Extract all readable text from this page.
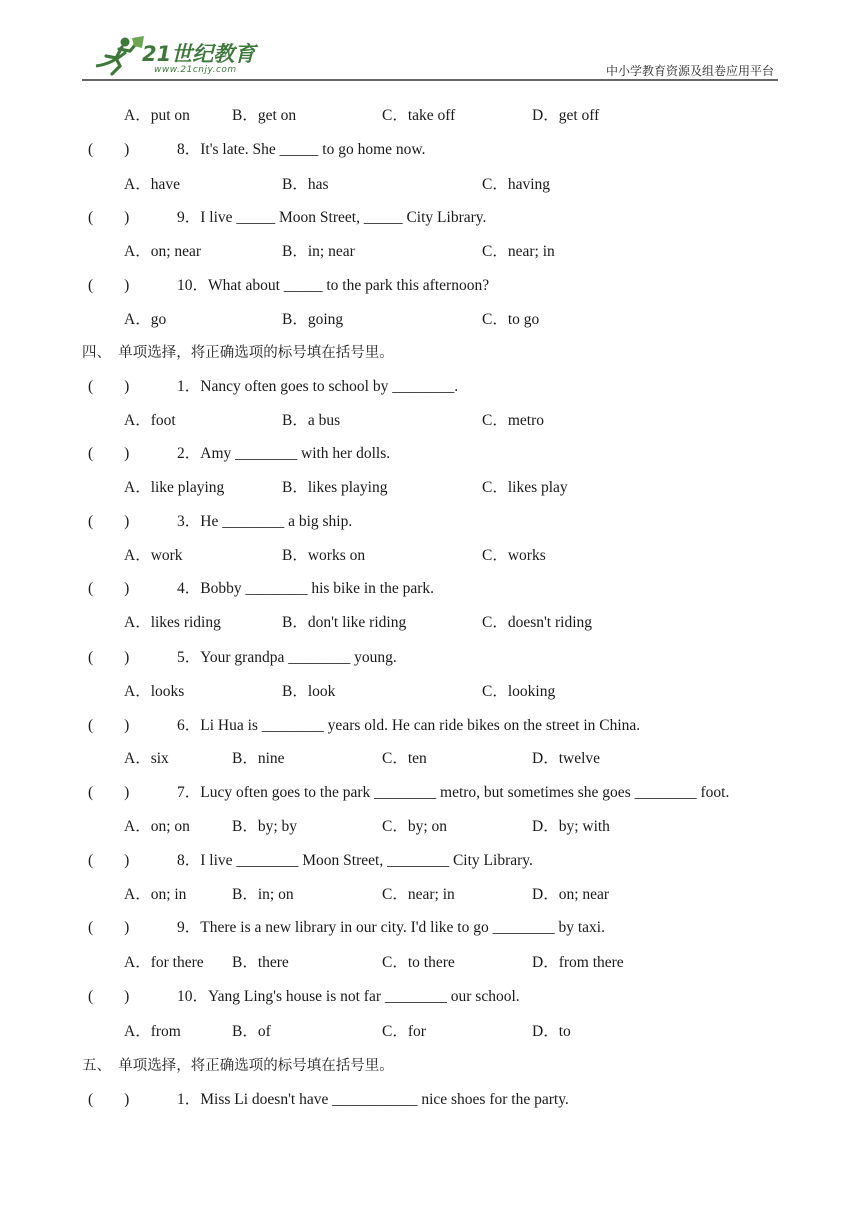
21世纪教育
www.21cnjy.com	中小学教育资源及组卷应用平台
A．put on	B．get on	C．take off	D．get off
(　　)	8．It's late. She _____ to go home now.
A．have	B．has	C．having
(　　)	9．I live _____ Moon Street, _____ City Library.
A．on; near	B．in; near	C．near; in
(　　)	10．What about _____ to the park this afternoon?
A．go	B．going	C．to go
四、　单项选择，将正确选项的标号填在括号里。
(　　)	1．Nancy often goes to school by ________.
A．foot	B．a bus	C．metro
(　　)	2．Amy ________ with her dolls.
A．like playing	B．likes playing	C．likes play
(　　)	3．He ________ a big ship.
A．work	B．works on	C．works
(　　)	4．Bobby ________ his bike in the park.
A．likes riding	B．don't like riding	C．doesn't riding
(　　)	5．Your grandpa ________ young.
A．looks	B．look	C．looking
(　　)	6．Li Hua is ________ years old. He can ride bikes on the street in China.
A．six	B．nine	C．ten	D．twelve
(　　)	7．Lucy often goes to the park ________ metro, but sometimes she goes ________ foot.
A．on; on	B．by; by	C．by; on	D．by; with
(　　)	8．I live ________ Moon Street, ________ City Library.
A．on; in	B．in; on	C．near; in	D．on; near
(　　)	9．There is a new library in our city. I'd like to go ________ by taxi.
A．for there B．there	C．to there	D．from there
(　　)	10．Yang Ling's house is not far ________ our school.
A．from	B．of	C．for	D．to
五、　单项选择，将正确选项的标号填在括号里。
(　　)	1．Miss Li doesn't have ___________ nice shoes for the party.
